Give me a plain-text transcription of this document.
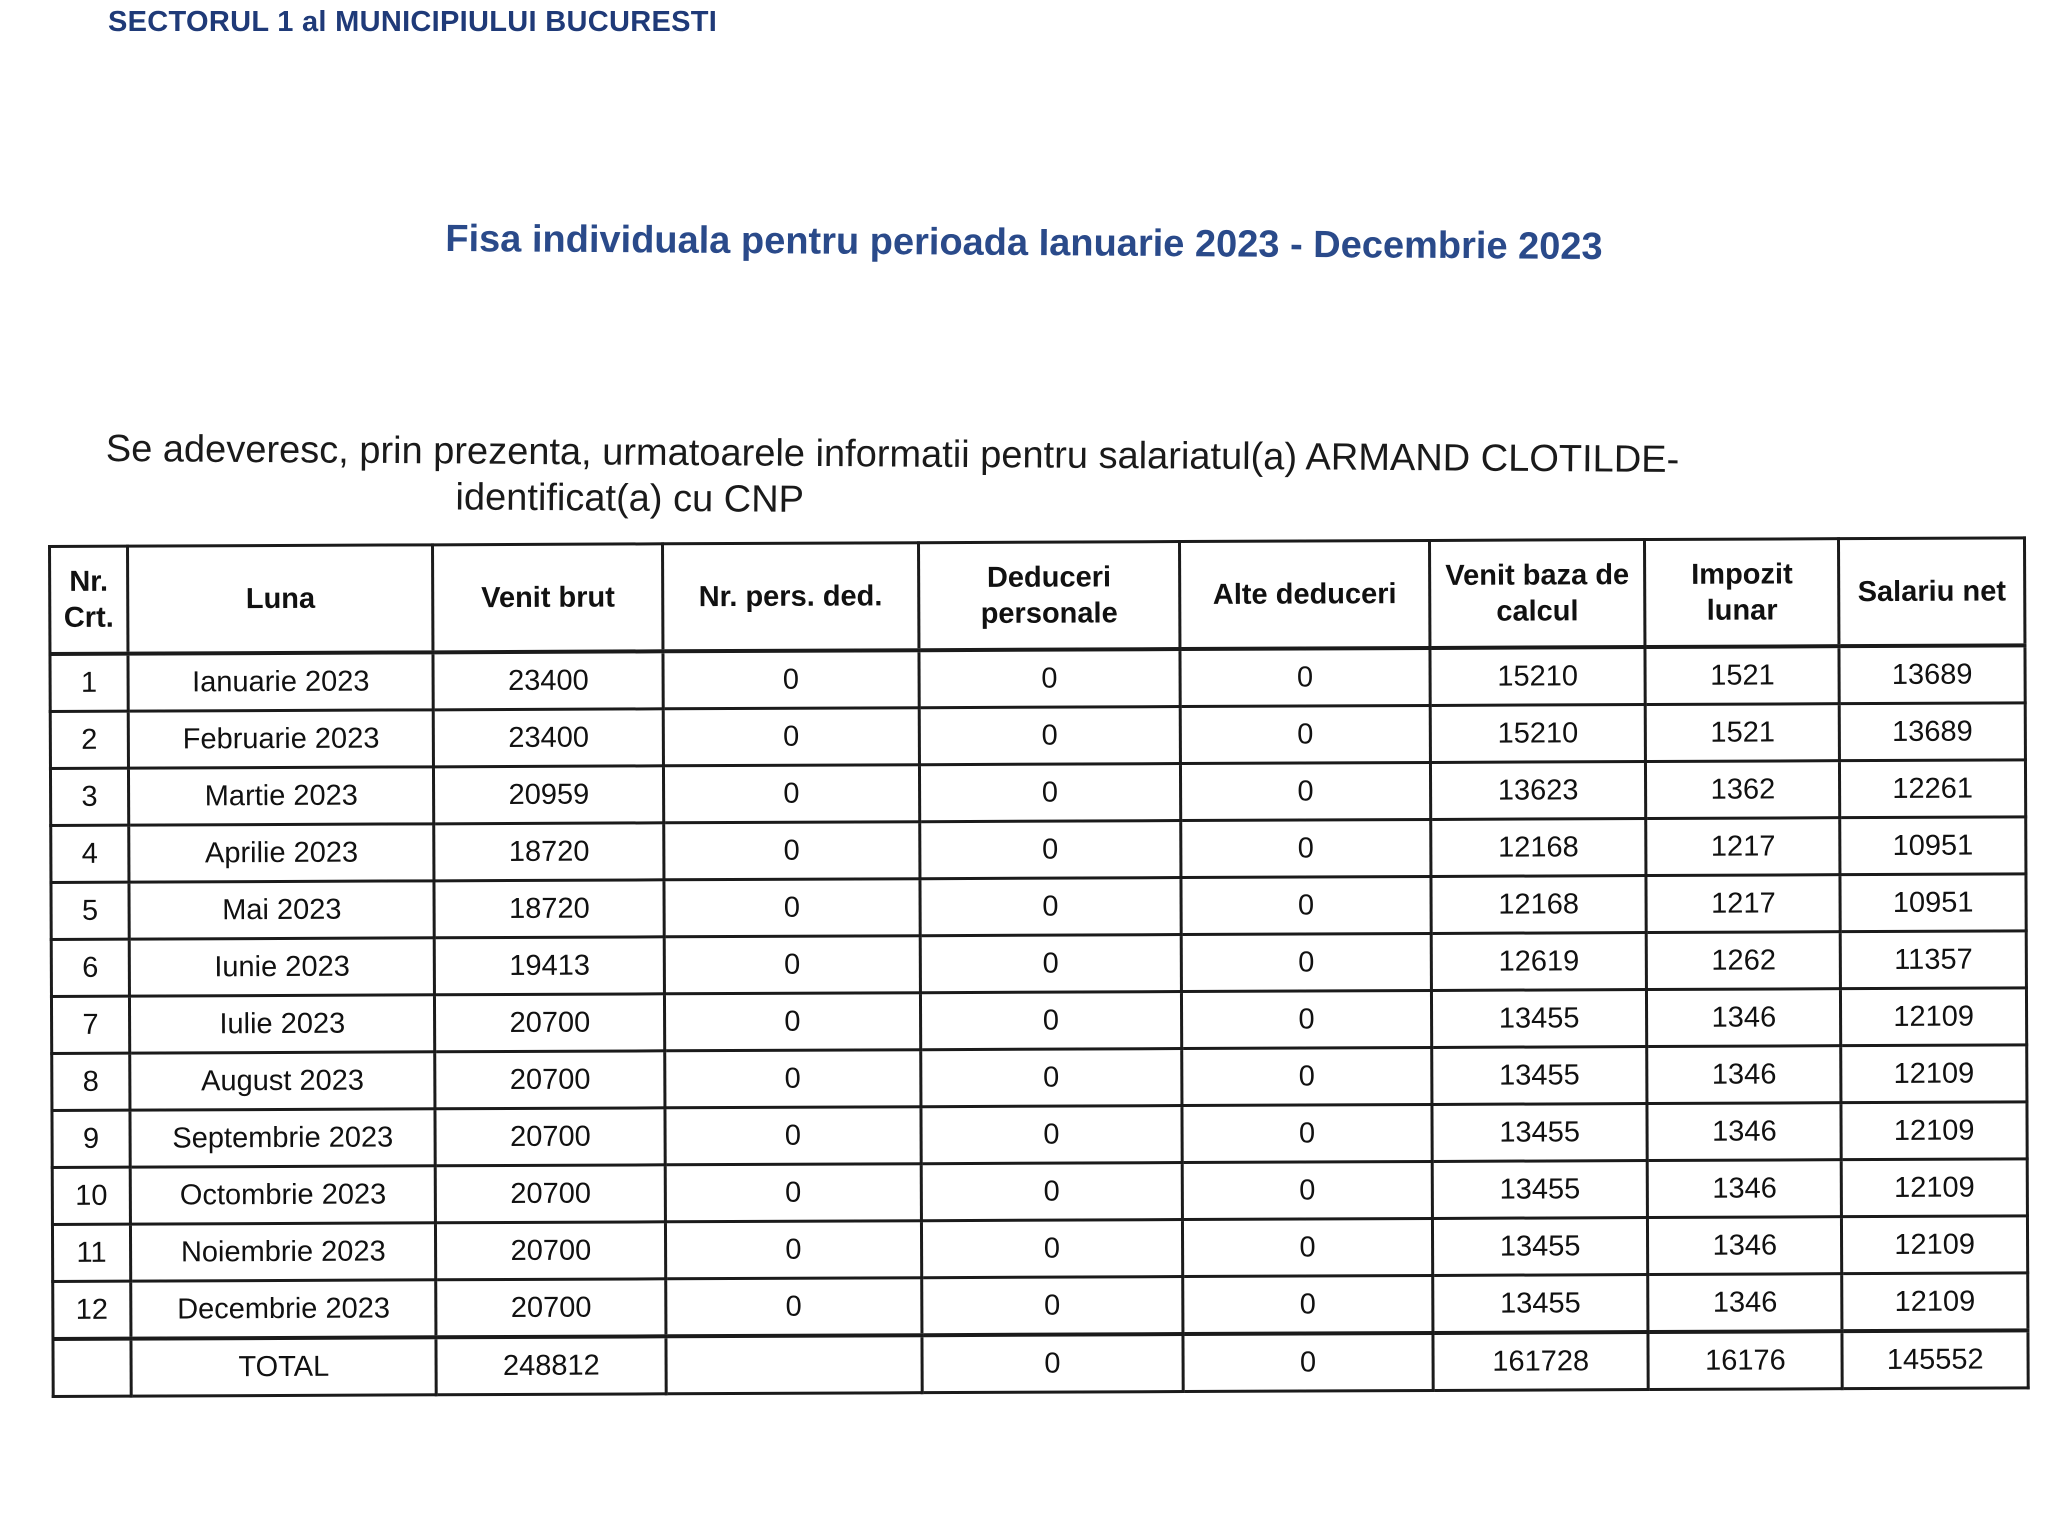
SECTORUL 1 al MUNICIPIULUI BUCURESTI
Fisa individuala pentru perioada Ianuarie 2023 - Decembrie 2023
Se adeveresc, prin prezenta, urmatoarele informatii pentru salariatul(a) ARMAND CLOTILDE-
identificat(a) cu CNP
Nr. Crt.	Luna	Venit brut	Nr. pers. ded.	Deduceri personale	Alte deduceri	Venit baza de calcul	Impozit lunar	Salariu net
1	Ianuarie 2023	23400	0	0	0	15210	1521	13689
2	Februarie 2023	23400	0	0	0	15210	1521	13689
3	Martie 2023	20959	0	0	0	13623	1362	12261
4	Aprilie 2023	18720	0	0	0	12168	1217	10951
5	Mai 2023	18720	0	0	0	12168	1217	10951
6	Iunie 2023	19413	0	0	0	12619	1262	11357
7	Iulie 2023	20700	0	0	0	13455	1346	12109
8	August 2023	20700	0	0	0	13455	1346	12109
9	Septembrie 2023	20700	0	0	0	13455	1346	12109
10	Octombrie 2023	20700	0	0	0	13455	1346	12109
11	Noiembrie 2023	20700	0	0	0	13455	1346	12109
12	Decembrie 2023	20700	0	0	0	13455	1346	12109
	TOTAL	248812		0	0	161728	16176	145552
